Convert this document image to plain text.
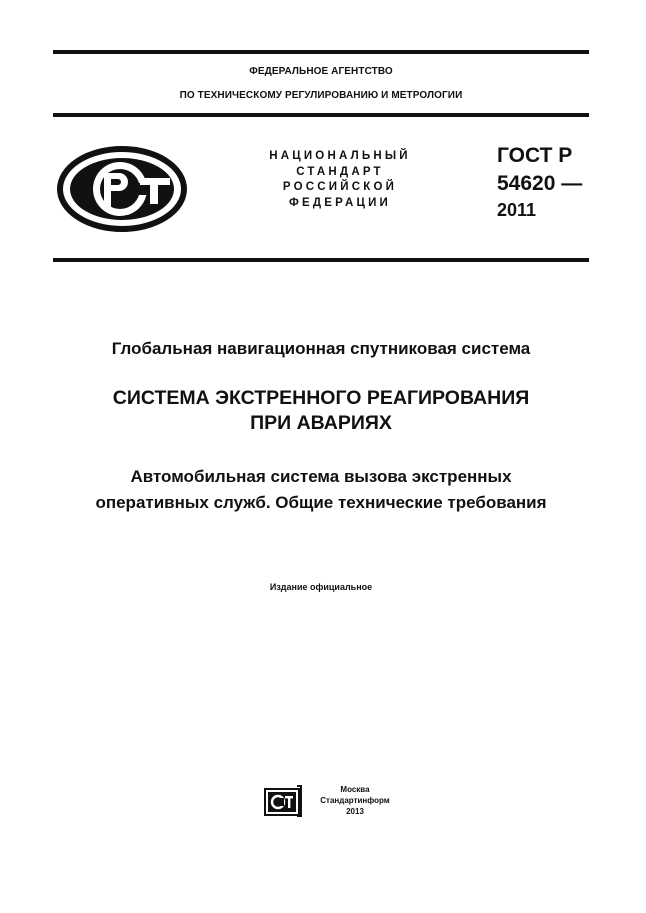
ФЕДЕРАЛЬНОЕ АГЕНТСТВО
ПО ТЕХНИЧЕСКОМУ РЕГУЛИРОВАНИЮ И МЕТРОЛОГИИ
НАЦИОНАЛЬНЫЙ
СТАНДАРТ
РОССИЙСКОЙ
ФЕДЕРАЦИИ
ГОСТ Р
54620 —
2011
Глобальная навигационная спутниковая система
СИСТЕМА ЭКСТРЕННОГО РЕАГИРОВАНИЯ
ПРИ АВАРИЯХ
Автомобильная система вызова экстренных
оперативных служб. Общие технические требования
Издание официальное
Москва
Стандартинформ
2013
